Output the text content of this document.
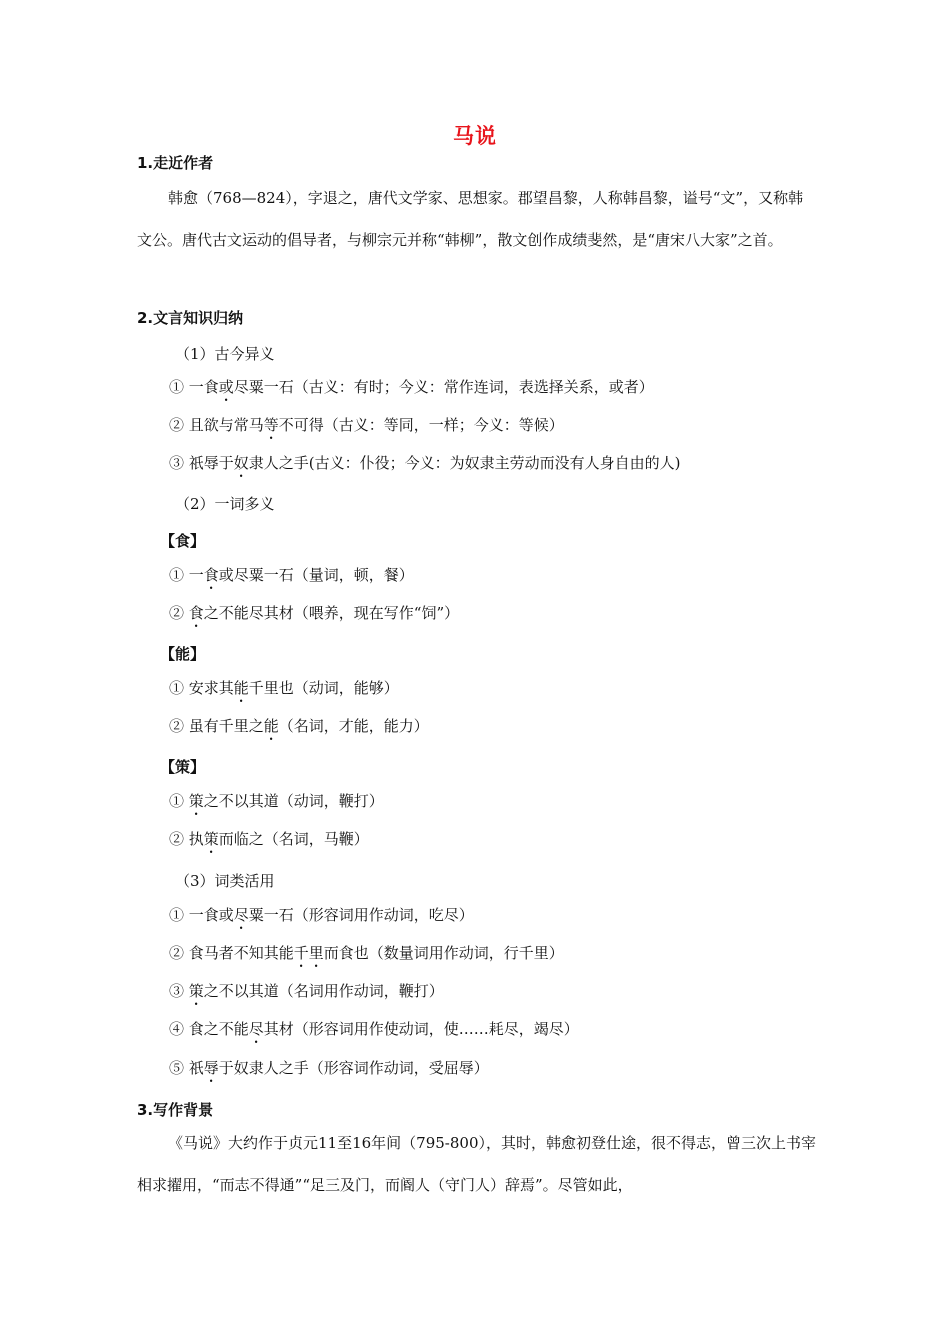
马说
1.走近作者
韩愈（768—824），字退之，唐代文学家、思想家。郡望昌黎，人称韩昌黎，谥号“文”，又称韩文公。唐代古文运动的倡导者，与柳宗元并称“韩柳”，散文创作成绩斐然，是“唐宋八大家”之首。
2.文言知识归纳
（1）古今异义
① 一食或尽粟一石（古义：有时；今义：常作连词，表选择关系，或者）
② 且欲与常马等不可得（古义：等同，一样；今义：等候）
③ 祇辱于奴隶人之手(古义：仆役；今义：为奴隶主劳动而没有人身自由的人)
（2）一词多义
【食】
① 一食或尽粟一石（量词，顿，餐）
② 食之不能尽其材（喂养，现在写作“饲”）
【能】
① 安求其能千里也（动词，能够）
② 虽有千里之能（名词，才能，能力）
【策】
① 策之不以其道（动词，鞭打）
② 执策而临之（名词，马鞭）
（3）词类活用
① 一食或尽粟一石（形容词用作动词，吃尽）
② 食马者不知其能千里而食也（数量词用作动词，行千里）
③ 策之不以其道（名词用作动词，鞭打）
④ 食之不能尽其材（形容词用作使动词，使……耗尽，竭尽）
⑤ 祇辱于奴隶人之手（形容词作动词，受屈辱）
3.写作背景
《马说》大约作于贞元11至16年间（795-800），其时，韩愈初登仕途，很不得志，曾三次上书宰相求擢用，“而志不得通”“足三及门，而阍人（守门人）辞焉”。尽管如此，
